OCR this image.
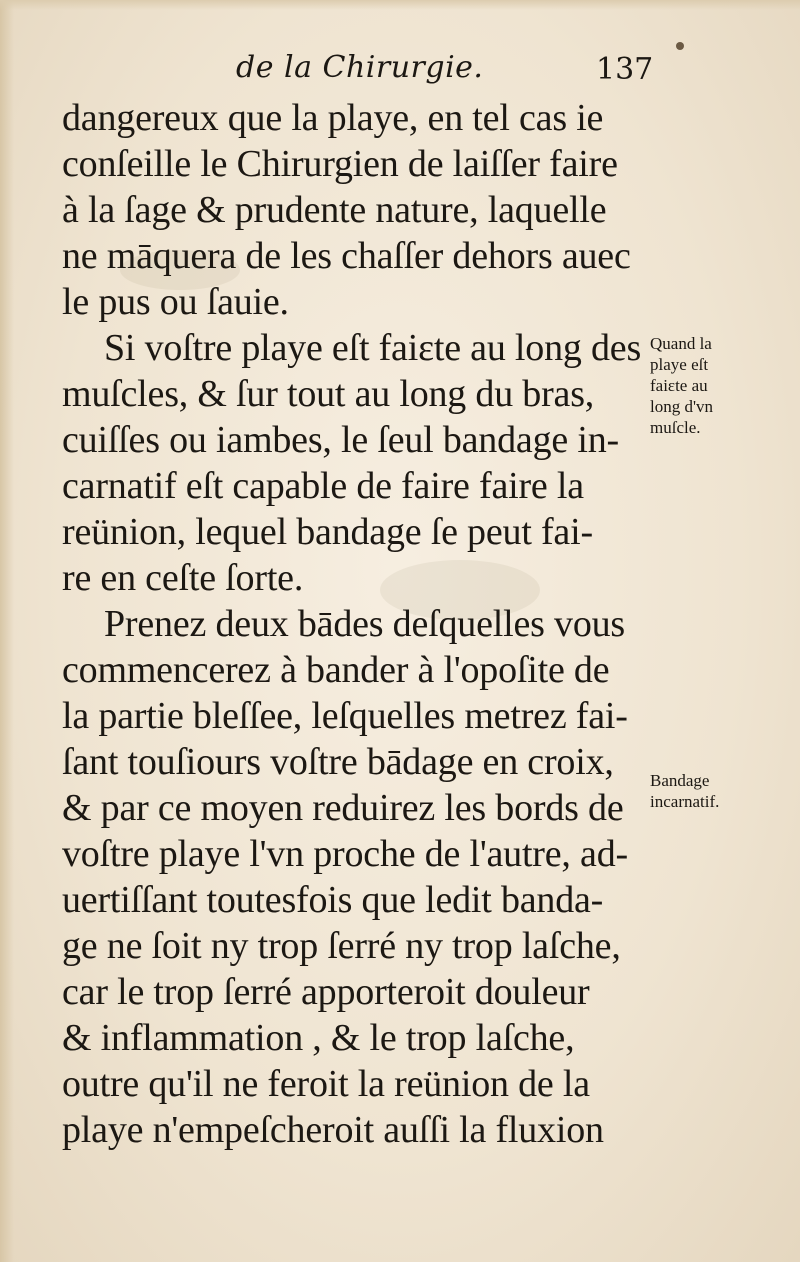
de la Chirurgie.	137
dangereux que la playe, en tel cas ie
conſeille le Chirurgien de laiſſer faire
à la ſage & prudente nature, laquelle
ne māquera de les chaſſer dehors auec
le pus ou ſauie.
Si voſtre playe eſt faiɛte au long des
muſcles, & ſur tout au long du bras,
cuiſſes ou iambes, le ſeul bandage in-
carnatif eſt capable de faire faire la
reünion, lequel bandage ſe peut fai-
re en ceſte ſorte.
Prenez deux bādes deſquelles vous
commencerez à bander à l'opoſite de
la partie bleſſee, leſquelles metrez fai-
ſant touſiours voſtre bādage en croix,
& par ce moyen reduirez les bords de
voſtre playe l'vn proche de l'autre, ad-
uertiſſant toutesfois que ledit banda-
ge ne ſoit ny trop ſerré ny trop laſche,
car le trop ſerré apporteroit douleur
& inflammation , & le trop laſche,
outre qu'il ne feroit la reünion de la
playe n'empeſcheroit auſſi la fluxion
Quand la
playe eſt
faiɛte au
long d'vn
muſcle.
Bandage
incarnatif.
